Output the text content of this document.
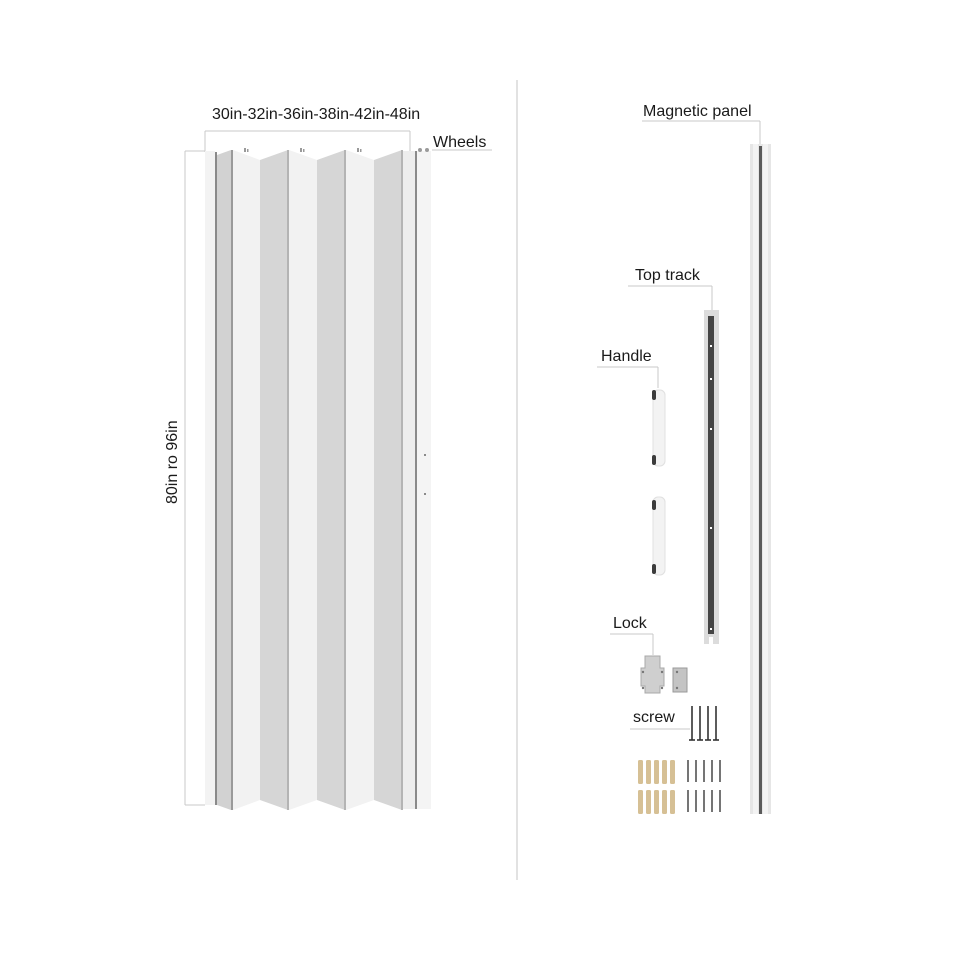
30in-32in-36in-38in-42in-48in
Wheels
80in ro 96in
Magnetic panel
Top track
Handle
Lock
screw
